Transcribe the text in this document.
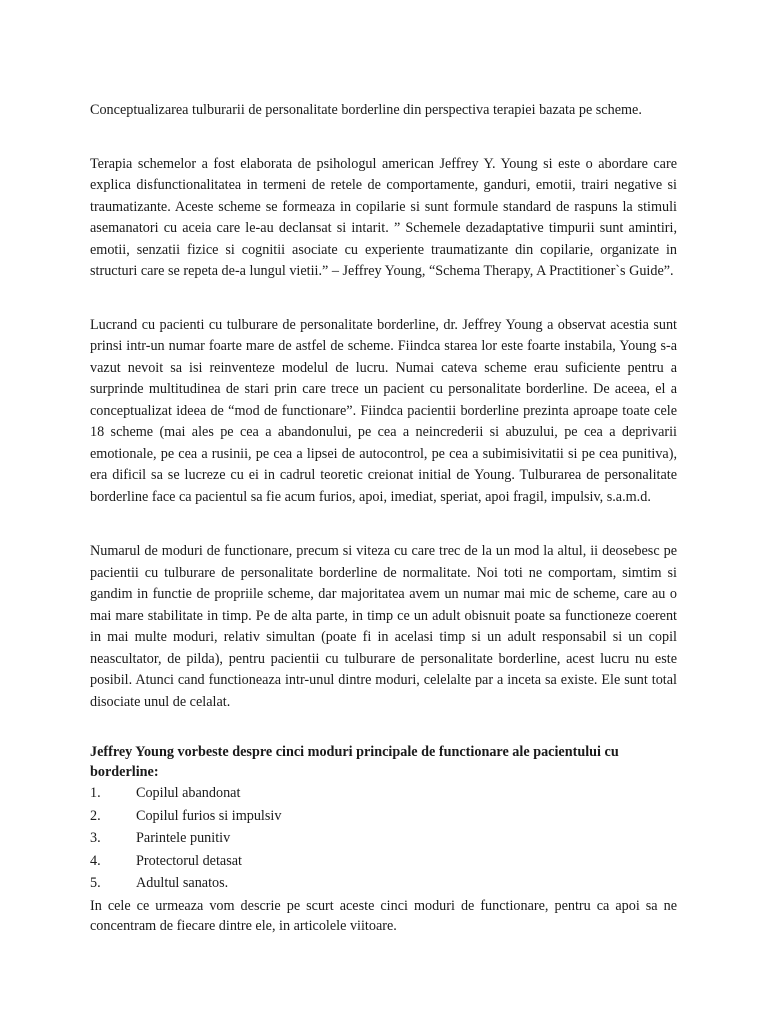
Conceptualizarea tulburarii de personalitate borderline din perspectiva terapiei bazata pe scheme.

Terapia schemelor a fost elaborata de psihologul american Jeffrey Y. Young si este o abordare care explica disfunctionalitatea in termeni de retele de comportamente, ganduri, emotii, trairi negative si traumatizante. Aceste scheme se formeaza in copilarie si sunt formule standard de raspuns la stimuli asemanatori cu aceia care le-au declansat si intarit. ” Schemele dezadaptative timpurii sunt amintiri, emotii, senzatii fizice si cognitii asociate cu experiente traumatizante din copilarie, organizate in structuri care se repeta de-a lungul vietii.” – Jeffrey Young, “Schema Therapy, A Practitioner`s Guide”.

Lucrand cu pacienti cu tulburare de personalitate borderline, dr. Jeffrey Young a observat acestia sunt prinsi intr-un numar foarte mare de astfel de scheme. Fiindca starea lor este foarte instabila, Young s-a vazut nevoit sa isi reinventeze modelul de lucru. Numai cateva scheme erau suficiente pentru a surprinde multitudinea de stari prin care trece un pacient cu personalitate borderline. De aceea, el a conceptualizat ideea de “mod de functionare”. Fiindca pacientii borderline prezinta aproape toate cele 18 scheme (mai ales pe cea a abandonului, pe cea a neincrederii si abuzului, pe cea a deprivarii emotionale, pe cea a rusinii, pe cea a lipsei de autocontrol, pe cea a subimisivitatii si pe cea punitiva), era dificil sa se lucreze cu ei in cadrul teoretic creionat initial de Young. Tulburarea de personalitate borderline face ca pacientul sa fie acum furios, apoi, imediat, speriat, apoi fragil, impulsiv, s.a.m.d.

Numarul de moduri de functionare, precum si viteza cu care trec de la un mod la altul, ii deosebesc pe pacientii cu tulburare de personalitate borderline de normalitate. Noi toti ne comportam, simtim si gandim in functie de propriile scheme, dar majoritatea avem un numar mai mic de scheme, care au o mai mare stabilitate in timp. Pe de alta parte, in timp ce un adult obisnuit poate sa functioneze coerent in mai multe moduri, relativ simultan (poate fi in acelasi timp si un adult responsabil si un copil neascultator, de pilda), pentru pacientii cu tulburare de personalitate borderline, acest lucru nu este posibil. Atunci cand functioneaza intr-unul dintre moduri, celelalte par a inceta sa existe. Ele sunt total disociate unul de celalat.

Jeffrey Young vorbeste despre cinci moduri principale de functionare ale pacientului cu borderline:

1.	Copilul abandonat
2.	Copilul furios si impulsiv
3.	Parintele punitiv
4.	Protectorul detasat
5.	Adultul sanatos.

In cele ce urmeaza vom descrie pe scurt aceste cinci moduri de functionare, pentru ca apoi sa ne concentram de fiecare dintre ele, in articolele viitoare.
